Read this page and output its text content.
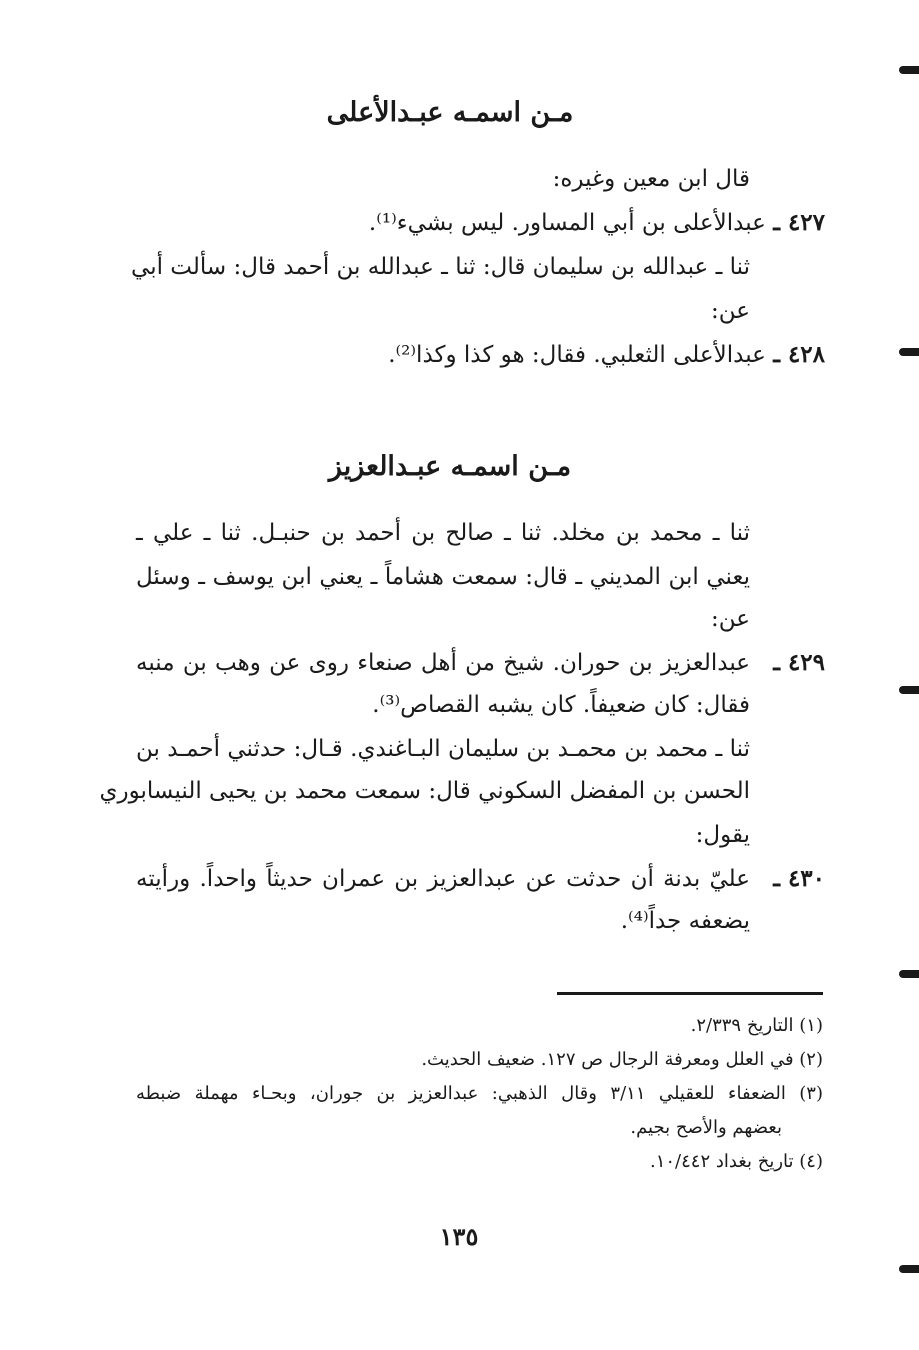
مـن اسمـه عبـدالأعلى
قال ابن معين وغيره:
٤٢٧ ـ عبدالأعلى بن أبي المساور. ليس بشيء⁽¹⁾.
ثنا ـ عبدالله بن سليمان قال: ثنا ـ عبدالله بن أحمد قال: سألت أبي
عن:
٤٢٨ ـ عبدالأعلى الثعلبي. فقال: هو كذا وكذا⁽²⁾.
مـن اسمـه عبـدالعزيز
ثنا ـ محمد بن مخلد. ثنا ـ صالح بن أحمد بن حنبـل. ثنا ـ علي ـ
يعني ابن المديني ـ قال: سمعت هشاماً ـ يعني ابن يوسف ـ وسئل
عن:
٤٢٩ ـ
عبدالعزيز بن حوران. شيخ من أهل صنعاء روى عن وهب بن منبه
فقال: كان ضعيفاً. كان يشبه القصاص⁽³⁾.
ثنا ـ محمد بن محمـد بن سليمان البـاغندي. قـال: حدثني أحمـد بن
الحسن بن المفضل السكوني قال: سمعت محمد بن يحيى النيسابوري
يقول:
٤٣٠ ـ
عليّ بدنة أن حدثت عن عبدالعزيز بن عمران حديثاً واحداً. ورأيته
يضعفه جداً⁽⁴⁾.
(١) التاريخ ٢/٣٣٩.
(٢) في العلل ومعرفة الرجال ص ١٢٧. ضعيف الحديث.
(٣) الضعفاء للعقيلي ٣/١١ وقال الذهبي: عبدالعزيز بن جوران، وبحـاء مهملة ضبطه
بعضهم والأصح بجيم.
(٤) تاريخ بغداد ١٠/٤٤٢.
١٣٥
